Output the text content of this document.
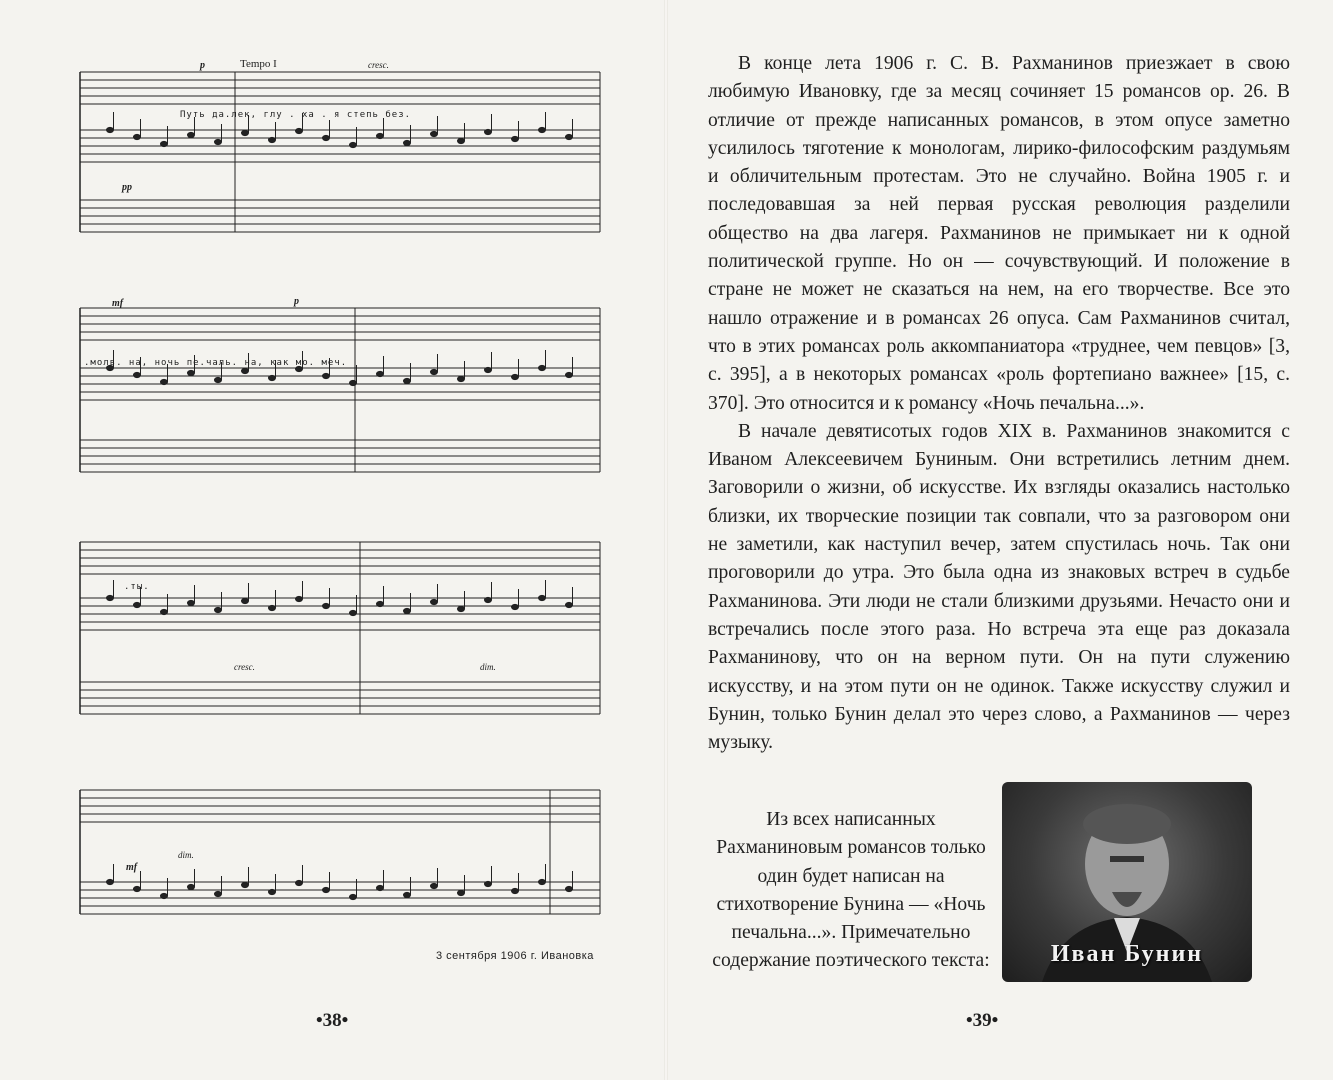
Tempo I	cresc.
cresc.	dim.
dim.
pp
mf
mf
p
p
Путь да.лек, глу . ха . я степь без.
.молв. на, ночь пе.чаль. на, как мо. меч.
.ты.
3 сентября 1906 г. Ивановка
•38•

В конце лета 1906 г. С. В. Рахманинов приезжает в свою любимую Ивановку, где за месяц сочиняет 15 романсов ор. 26. В отличие от прежде написанных романсов, в этом опусе заметно усилилось тяготение к монологам, лирико-философским раздумьям и обличительным протестам. Это не случайно. Война 1905 г. и последовавшая за ней первая русская революция разделили общество на два лагеря. Рахманинов не примыкает ни к одной политической группе. Но он — сочувствующий. И положение в стране не может не сказаться на нем, на его творчестве. Все это нашло отражение и в романсах 26 опуса. Сам Рахманинов считал, что в этих романсах роль аккомпаниатора «труднее, чем певцов» [3, с. 395], а в некоторых романсах «роль фортепиано важнее» [15, с. 370]. Это относится и к романсу «Ночь печальна...».

В начале девятисотых годов XIX в. Рахманинов знакомится с Иваном Алексеевичем Буниным. Они встретились летним днем. Заговорили о жизни, об искусстве. Их взгляды оказались настолько близки, их творческие позиции так совпали, что за разговором они не заметили, как наступил вечер, затем спустилась ночь. Так они проговорили до утра. Это была одна из знаковых встреч в судьбе Рахманинова. Эти люди не стали близкими друзьями. Нечасто они и встречались после этого раза. Но встреча эта еще раз доказала Рахманинову, что он на верном пути. Он на пути служению искусству, и на этом пути он не одинок. Также искусству служил и Бунин, только Бунин делал это через слово, а Рахманинов — через музыку.

Из всех написанных Рахманиновым романсов только один будет написан на стихотворение Бунина — «Ночь печальна...». Примечательно содержание поэтического текста:	Иван Бунин
•39•
